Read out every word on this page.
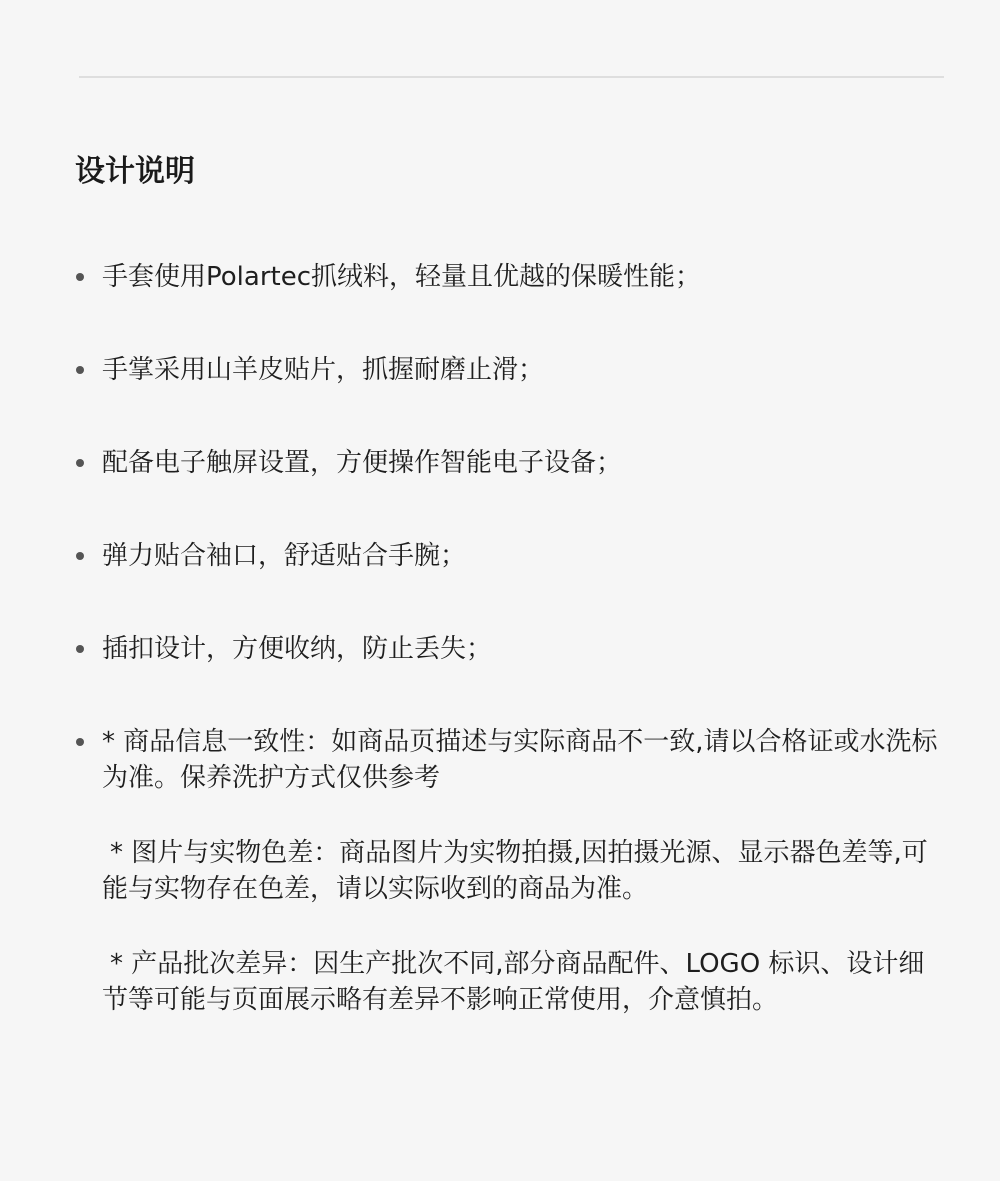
设计说明
手套使用Polartec抓绒料，轻量且优越的保暖性能；
手掌采用山羊皮贴片，抓握耐磨止滑；
配备电子触屏设置，方便操作智能电子设备；
弹力贴合袖口，舒适贴合手腕；
插扣设计，方便收纳，防止丢失；
* 商品信息一致性：如商品页描述与实际商品不一致,请以合格证或水洗标为准。保养洗护方式仅供参考
* 图片与实物色差：商品图片为实物拍摄,因拍摄光源、显示器色差等,可能与实物存在色差，请以实际收到的商品为准。
* 产品批次差异：因生产批次不同,部分商品配件、LOGO 标识、设计细节等可能与页面展示略有差异不影响正常使用，介意慎拍。
